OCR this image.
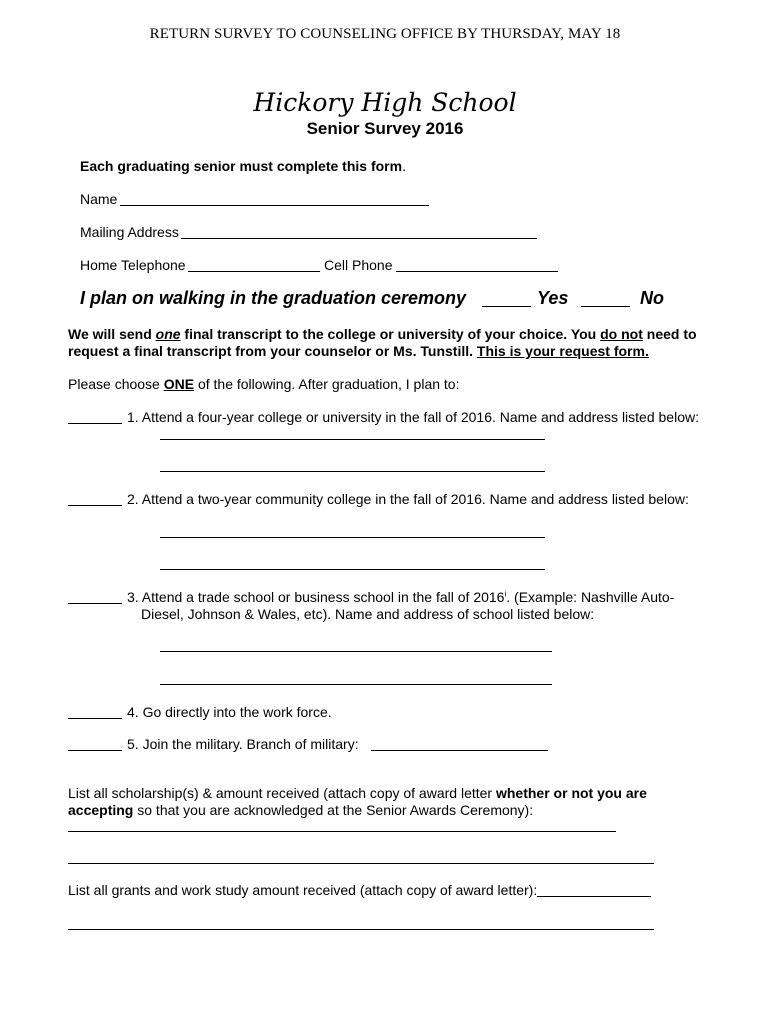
RETURN SURVEY TO COUNSELING OFFICE BY THURSDAY, MAY 18
Hickory High School
Senior Survey 2016
Each graduating senior must complete this form.
Name
Mailing Address
Home Telephone	Cell Phone
I plan on walking in the graduation ceremony	Yes	No
We will send one final transcript to the college or university of your choice. You do not need to
request a final transcript from your counselor or Ms. Tunstill. This is your request form.
Please choose ONE of the following. After graduation, I plan to:
1. Attend a four-year college or university in the fall of 2016. Name and address listed below:
2. Attend a two-year community college in the fall of 2016. Name and address listed below:
3. Attend a trade school or business school in the fall of 2016$^i$. (Example: Nashville Auto-
Diesel, Johnson & Wales, etc). Name and address of school listed below:
4. Go directly into the work force.
5. Join the military. Branch of military:
List all scholarship(s) & amount received (attach copy of award letter whether or not you are
accepting so that you are acknowledged at the Senior Awards Ceremony):
List all grants and work study amount received (attach copy of award letter):
